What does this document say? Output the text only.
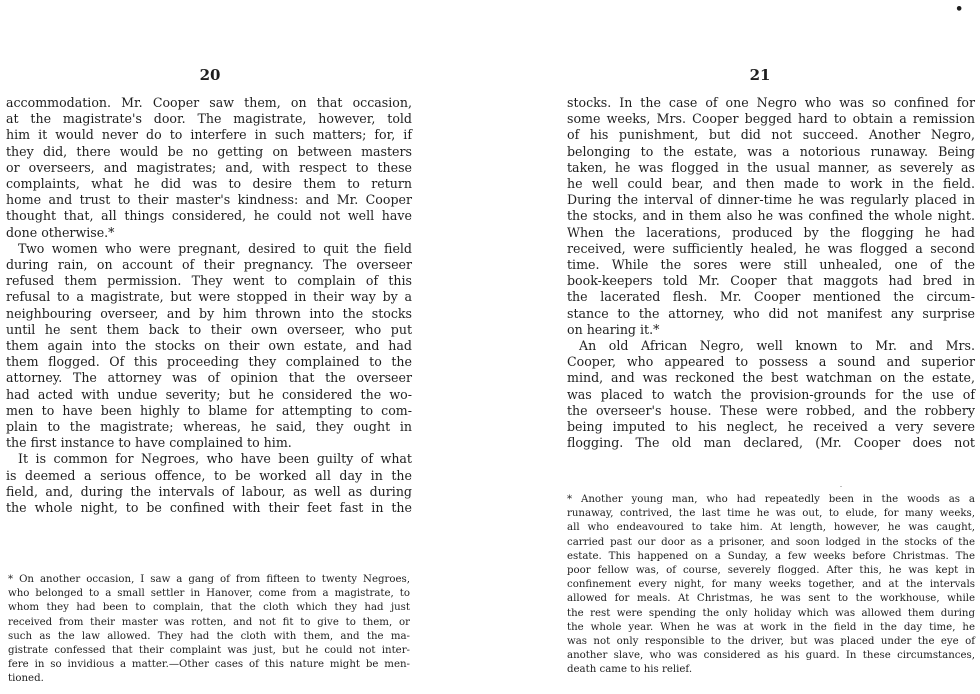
•
20
accommodation. Mr. Cooper saw them, on that occasion,
at the magistrate's door. The magistrate, however, told
him it would never do to interfere in such matters; for, if
they did, there would be no getting on between masters
or overseers, and magistrates; and, with respect to these
complaints, what he did was to desire them to return
home and trust to their master's kindness: and Mr. Cooper
thought that, all things considered, he could not well have
done otherwise.*
Two women who were pregnant, desired to quit the field
during rain, on account of their pregnancy. The overseer
refused them permission. They went to complain of this
refusal to a magistrate, but were stopped in their way by a
neighbouring overseer, and by him thrown into the stocks
until he sent them back to their own overseer, who put
them again into the stocks on their own estate, and had
them flogged. Of this proceeding they complained to the
attorney. The attorney was of opinion that the overseer
had acted with undue severity; but he considered the wo-
men to have been highly to blame for attempting to com-
plain to the magistrate; whereas, he said, they ought in
the first instance to have complained to him.
It is common for Negroes, who have been guilty of what
is deemed a serious offence, to be worked all day in the
field, and, during the intervals of labour, as well as during
the whole night, to be confined with their feet fast in the
* On another occasion, I saw a gang of from fifteen to twenty Negroes,
who belonged to a small settler in Hanover, come from a magistrate, to
whom they had been to complain, that the cloth which they had just
received from their master was rotten, and not fit to give to them, or
such as the law allowed. They had the cloth with them, and the ma-
gistrate confessed that their complaint was just, but he could not inter-
fere in so invidious a matter.—Other cases of this nature might be men-
tioned.
21
stocks. In the case of one Negro who was so confined for
some weeks, Mrs. Cooper begged hard to obtain a remission
of his punishment, but did not succeed. Another Negro,
belonging to the estate, was a notorious runaway. Being
taken, he was flogged in the usual manner, as severely as
he well could bear, and then made to work in the field.
During the interval of dinner-time he was regularly placed in
the stocks, and in them also he was confined the whole night.
When the lacerations, produced by the flogging he had
received, were sufficiently healed, he was flogged a second
time. While the sores were still unhealed, one of the
book-keepers told Mr. Cooper that maggots had bred in
the lacerated flesh. Mr. Cooper mentioned the circum-
stance to the attorney, who did not manifest any surprise
on hearing it.*
An old African Negro, well known to Mr. and Mrs.
Cooper, who appeared to possess a sound and superior
mind, and was reckoned the best watchman on the estate,
was placed to watch the provision-grounds for the use of
the overseer's house. These were robbed, and the robbery
being imputed to his neglect, he received a very severe
flogging. The old man declared, (Mr. Cooper does not
* Another young man, who had repeatedly been in the woods as a
runaway, contrived, the last time he was out, to elude, for many weeks,
all who endeavoured to take him. At length, however, he was caught,
carried past our door as a prisoner, and soon lodged in the stocks of the
estate. This happened on a Sunday, a few weeks before Christmas. The
poor fellow was, of course, severely flogged. After this, he was kept in
confinement every night, for many weeks together, and at the intervals
allowed for meals. At Christmas, he was sent to the workhouse, while
the rest were spending the only holiday which was allowed them during
the whole year. When he was at work in the field in the day time, he
was not only responsible to the driver, but was placed under the eye of
another slave, who was considered as his guard. In these circumstances,
death came to his relief.
